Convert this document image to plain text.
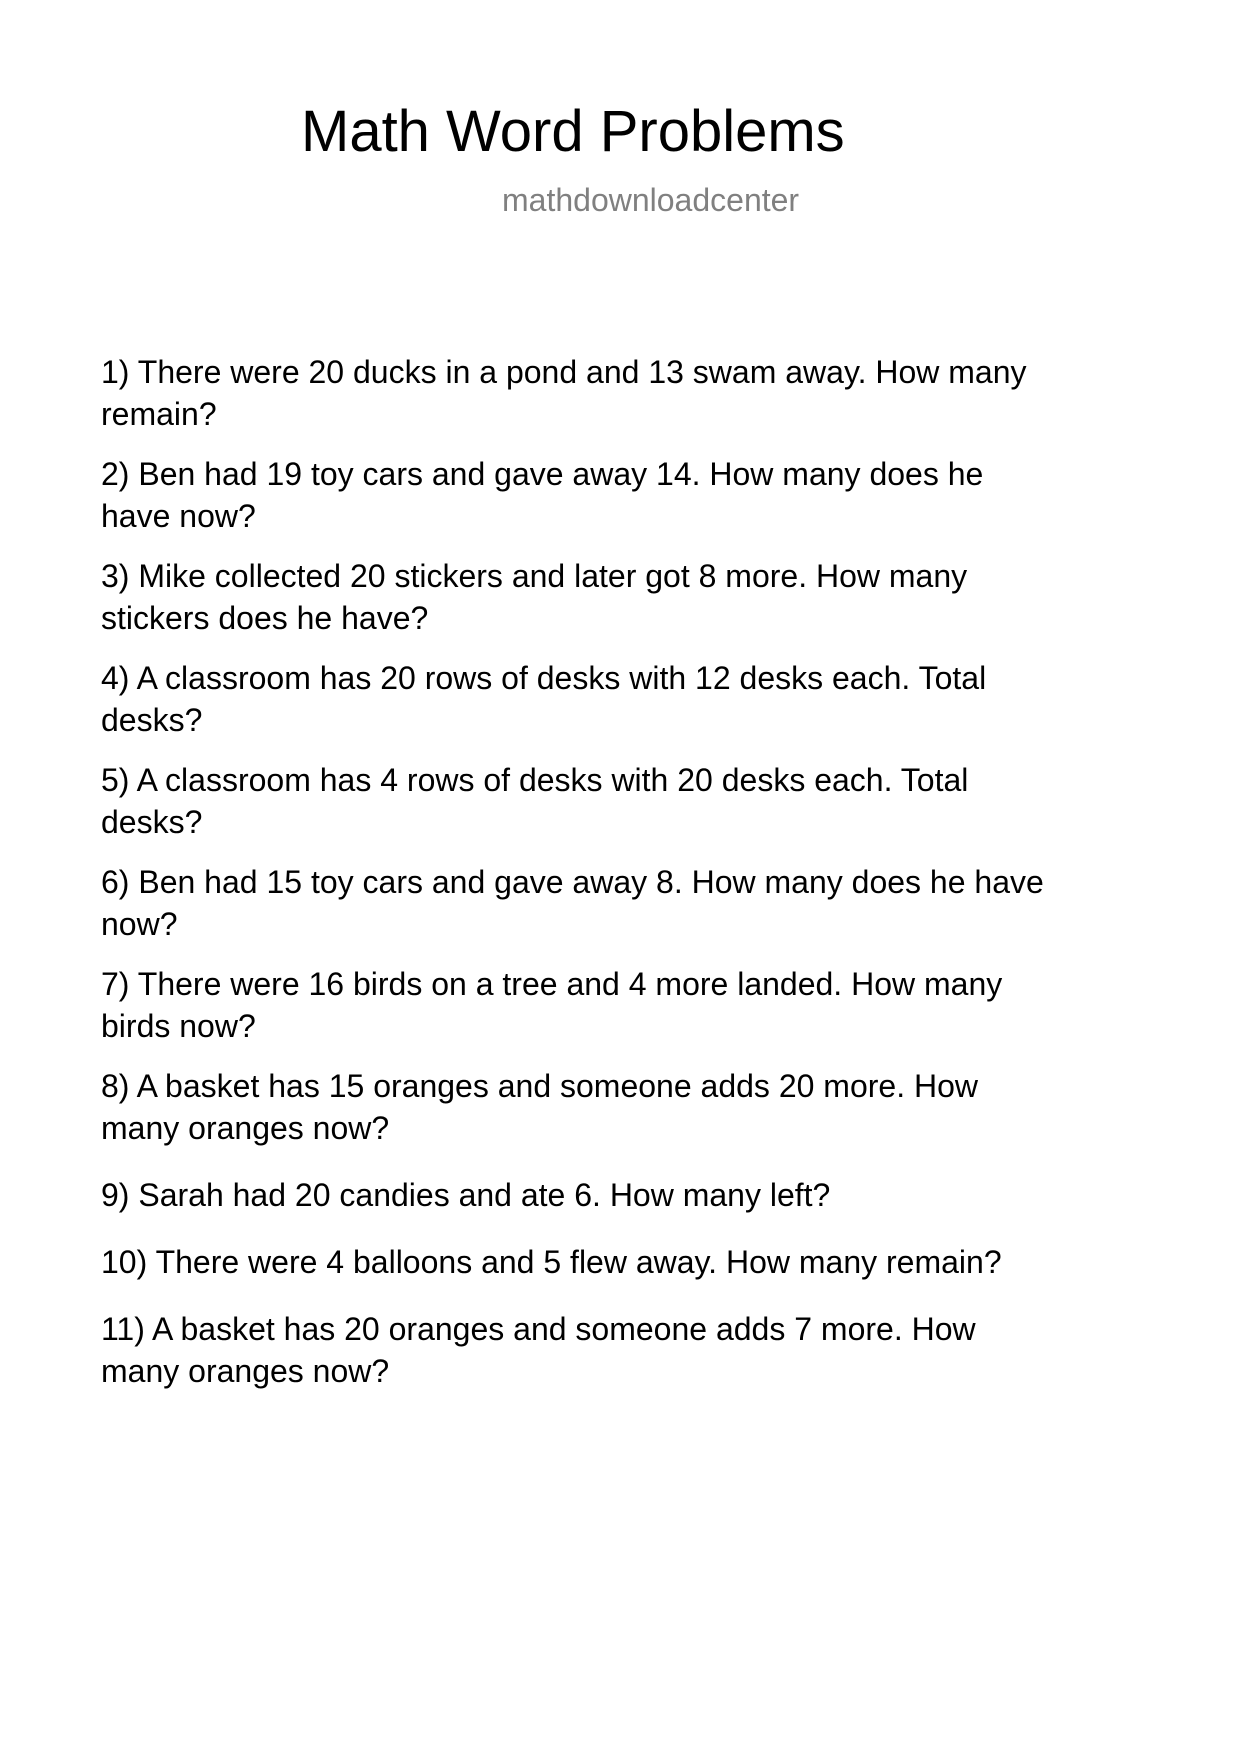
Math Word Problems
mathdownloadcenter
1) There were 20 ducks in a pond and 13 swam away. How many
remain?
2) Ben had 19 toy cars and gave away 14. How many does he
have now?
3) Mike collected 20 stickers and later got 8 more. How many
stickers does he have?
4) A classroom has 20 rows of desks with 12 desks each. Total
desks?
5) A classroom has 4 rows of desks with 20 desks each. Total
desks?
6) Ben had 15 toy cars and gave away 8. How many does he have
now?
7) There were 16 birds on a tree and 4 more landed. How many
birds now?
8) A basket has 15 oranges and someone adds 20 more. How
many oranges now?
9) Sarah had 20 candies and ate 6. How many left?
10) There were 4 balloons and 5 flew away. How many remain?
11) A basket has 20 oranges and someone adds 7 more. How
many oranges now?
